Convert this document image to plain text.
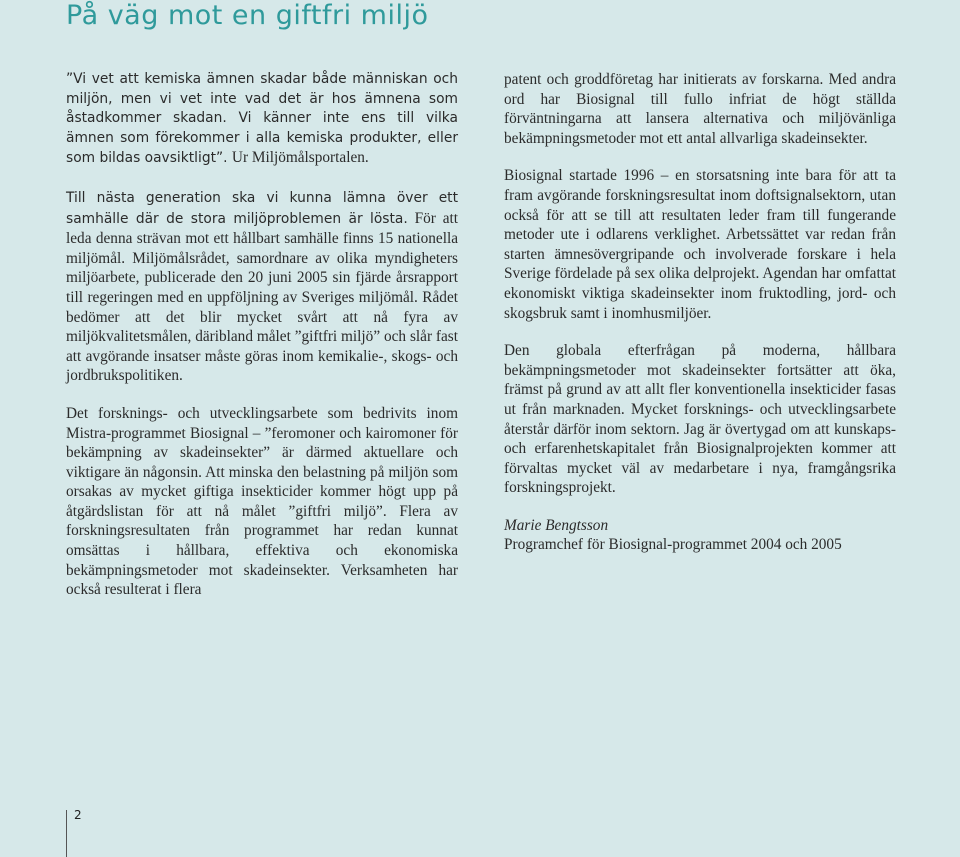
På väg mot en giftfri miljö

”Vi vet att kemiska ämnen skadar både människan och miljön, men vi vet inte vad det är hos ämnena som åstadkommer skadan. Vi känner inte ens till vilka ämnen som förekommer i alla kemiska produkter, eller som bildas oavsiktligt”. Ur Miljömålsportalen.

Till nästa generation ska vi kunna lämna över ett samhälle där de stora miljöproblemen är lösta. För att leda denna strävan mot ett hållbart samhälle finns 15 nationella miljömål. Miljömålsrådet, samordnare av olika myndigheters miljöarbete, publicerade den 20 juni 2005 sin fjärde årsrapport till regeringen med en uppföljning av Sveriges miljömål. Rådet bedömer att det blir mycket svårt att nå fyra av miljökvalitetsmålen, däribland målet ”giftfri miljö” och slår fast att avgörande insatser måste göras inom kemikalie-, skogs- och jordbrukspolitiken.

Det forsknings- och utvecklingsarbete som bedrivits inom Mistra-programmet Biosignal – ”feromoner och kairomoner för bekämpning av skadeinsekter” är därmed aktuellare och viktigare än någonsin. Att minska den belastning på miljön som orsakas av mycket giftiga insekticider kommer högt upp på åtgärdslistan för att nå målet ”giftfri miljö”. Flera av forskningsresultaten från programmet har redan kunnat omsättas i hållbara, effektiva och ekonomiska bekämpningsmetoder mot skadeinsekter. Verksamheten har också resulterat i flera

patent och groddföretag har initierats av forskarna. Med andra ord har Biosignal till fullo infriat de högt ställda förväntningarna att lansera alternativa och miljövänliga bekämpningsmetoder mot ett antal allvarliga skadeinsekter.

Biosignal startade 1996 – en storsatsning inte bara för att ta fram avgörande forskningsresultat inom doftsignalsektorn, utan också för att se till att resultaten leder fram till fungerande metoder ute i odlarens verklighet. Arbetssättet var redan från starten ämnesövergripande och involverade forskare i hela Sverige fördelade på sex olika delprojekt. Agendan har omfattat ekonomiskt viktiga skadeinsekter inom fruktodling, jord- och skogsbruk samt i inomhusmiljöer.

Den globala efterfrågan på moderna, hållbara bekämpningsmetoder mot skadeinsekter fortsätter att öka, främst på grund av att allt fler konventionella insekticider fasas ut från marknaden. Mycket forsknings- och utvecklingsarbete återstår därför inom sektorn. Jag är övertygad om att kunskaps- och erfarenhetskapitalet från Biosignalprojekten kommer att förvaltas mycket väl av medarbetare i nya, framgångsrika forskningsprojekt.

Marie Bengtsson

Programchef för Biosignal-programmet 2004 och 2005

2
